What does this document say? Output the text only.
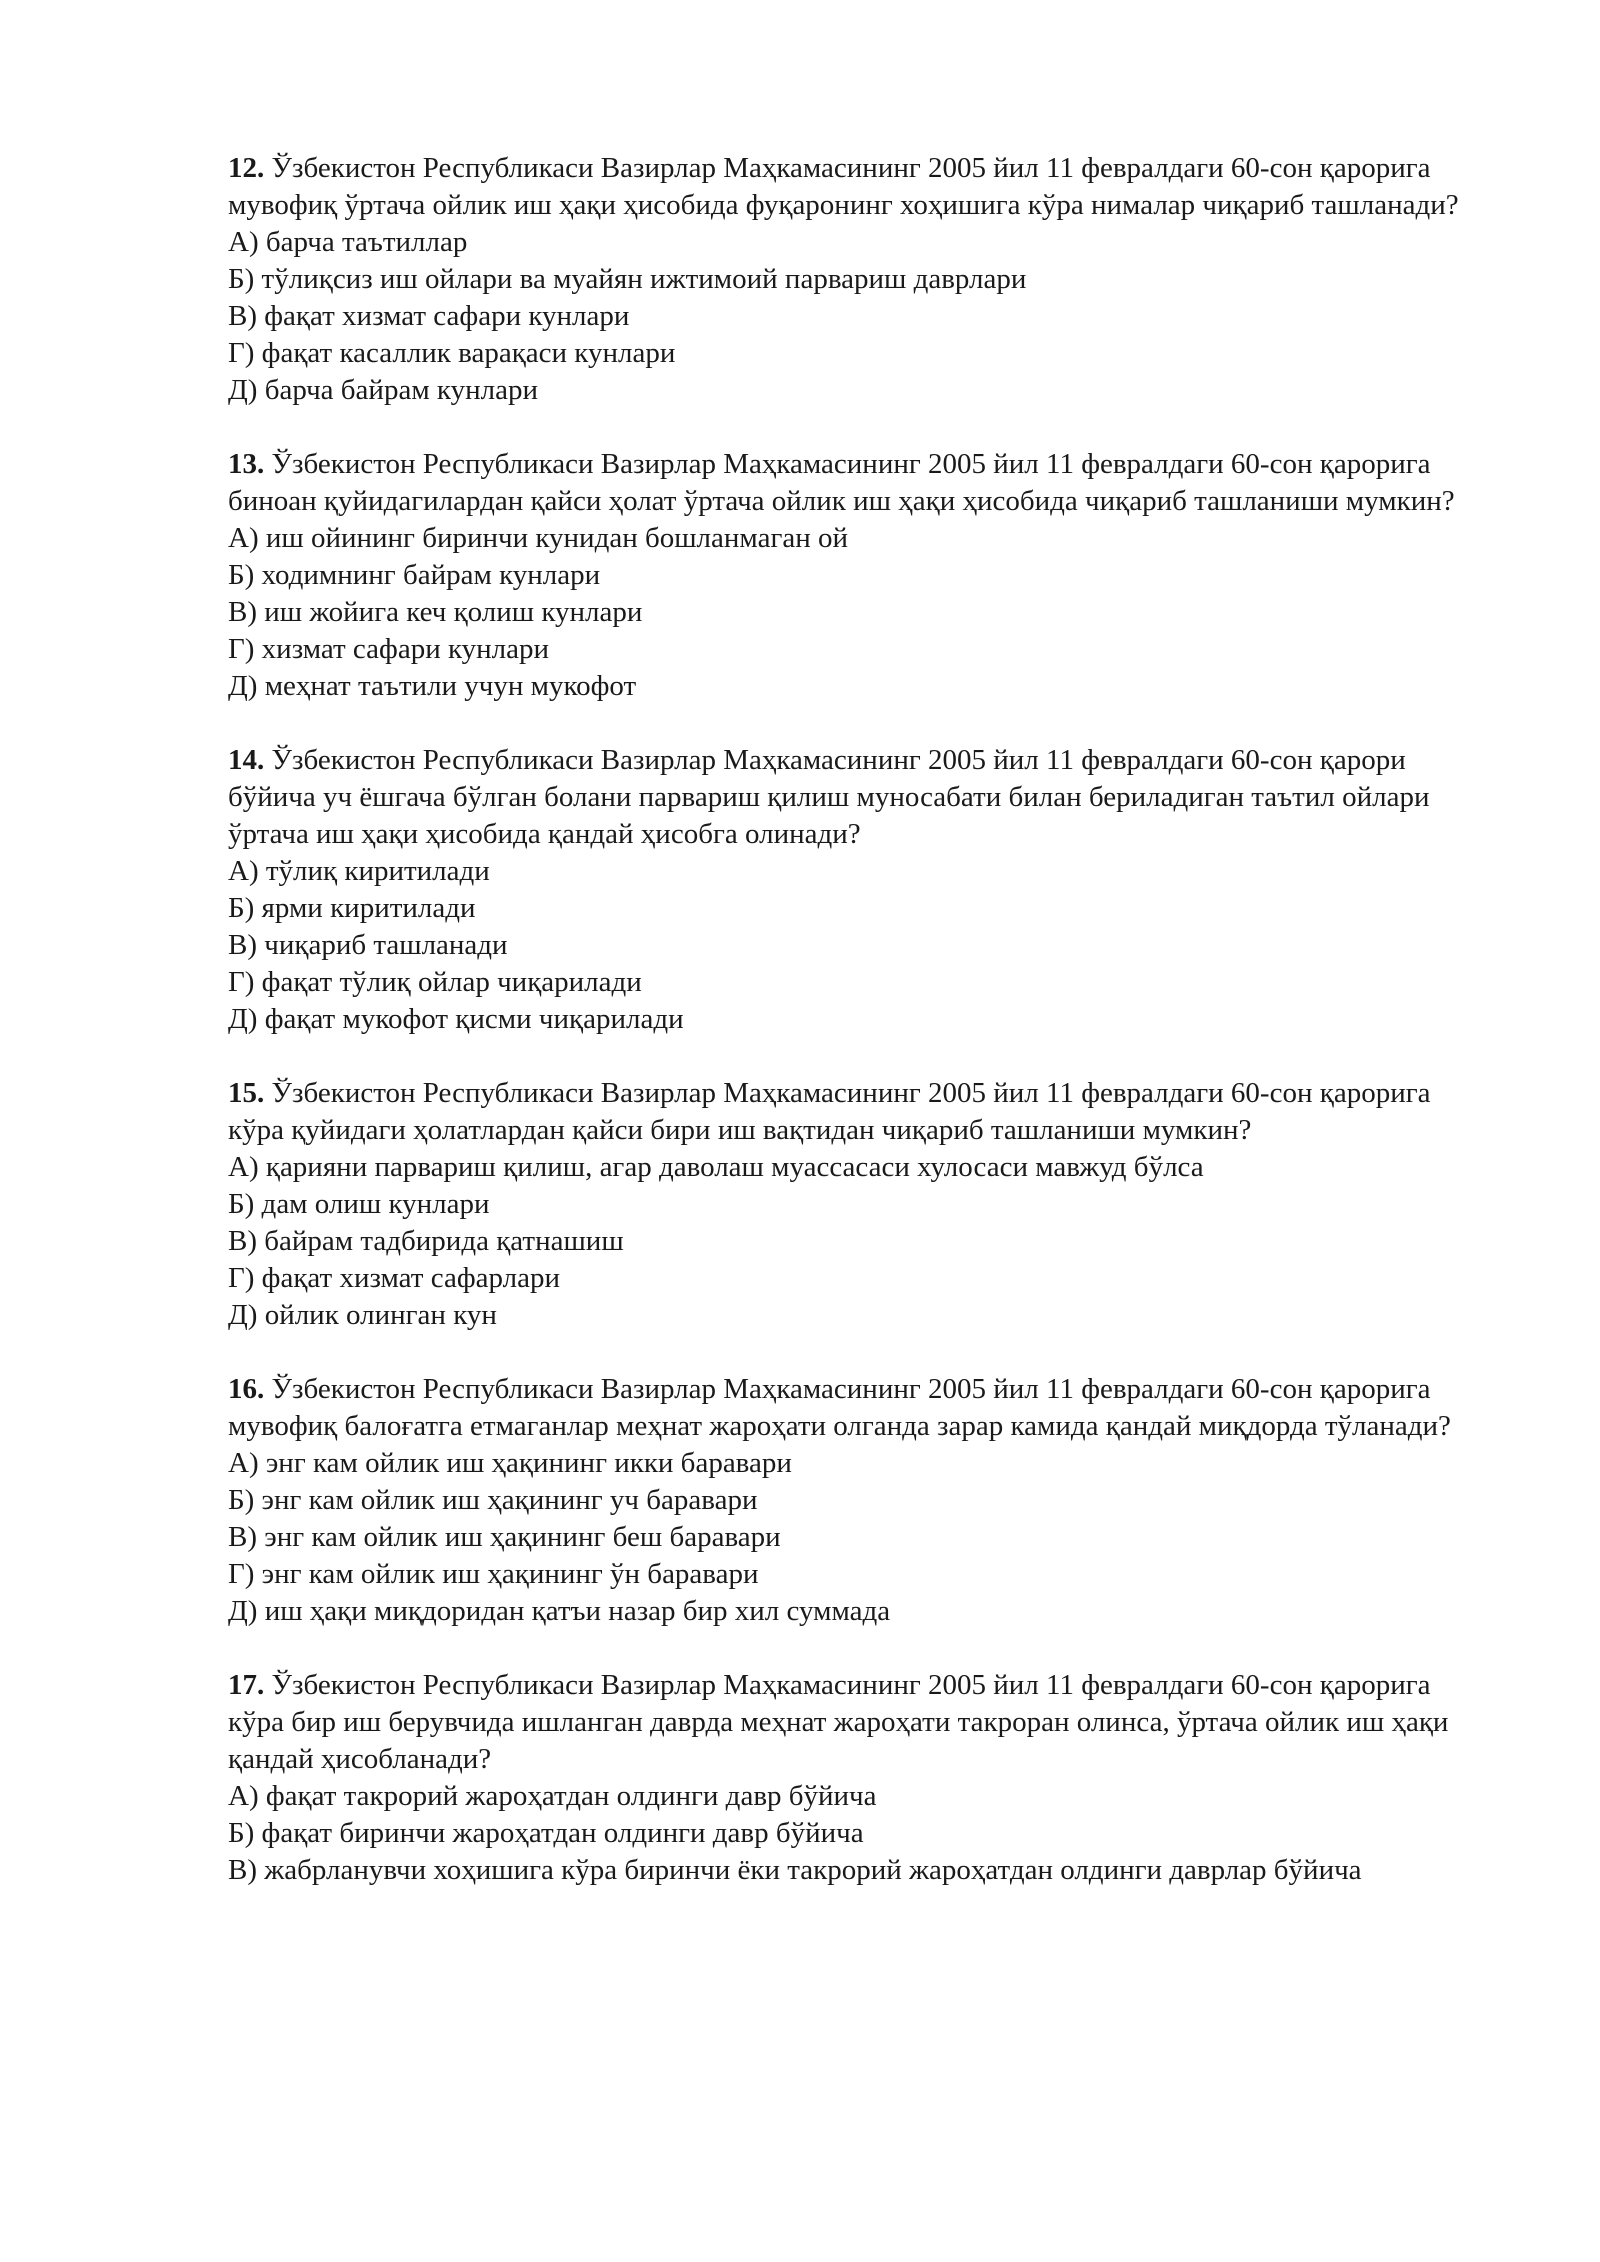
12. Ўзбекистон Республикаси Вазирлар Маҳкамасининг 2005 йил 11 февралдаги 60-сон қарорига мувофиқ ўртача ойлик иш ҳақи ҳисобида фуқаронинг хоҳишига кўра нималар чиқариб ташланади?

А) барча таътиллар

Б) тўлиқсиз иш ойлари ва муайян ижтимоий парвариш даврлари

В) фақат хизмат сафари кунлари

Г) фақат касаллик варақаси кунлари

Д) барча байрам кунлари

13. Ўзбекистон Республикаси Вазирлар Маҳкамасининг 2005 йил 11 февралдаги 60-сон қарорига биноан қуйидагилардан қайси ҳолат ўртача ойлик иш ҳақи ҳисобида чиқариб ташланиши мумкин?

А) иш ойининг биринчи кунидан бошланмаган ой

Б) ходимнинг байрам кунлари

В) иш жойига кеч қолиш кунлари

Г) хизмат сафари кунлари

Д) меҳнат таътили учун мукофот

14. Ўзбекистон Республикаси Вазирлар Маҳкамасининг 2005 йил 11 февралдаги 60-сон қарори бўйича уч ёшгача бўлган болани парвариш қилиш муносабати билан бериладиган таътил ойлари ўртача иш ҳақи ҳисобида қандай ҳисобга олинади?

А) тўлиқ киритилади

Б) ярми киритилади

В) чиқариб ташланади

Г) фақат тўлиқ ойлар чиқарилади

Д) фақат мукофот қисми чиқарилади

15. Ўзбекистон Республикаси Вазирлар Маҳкамасининг 2005 йил 11 февралдаги 60-сон қарорига кўра қуйидаги ҳолатлардан қайси бири иш вақтидан чиқариб ташланиши мумкин?

А) қарияни парвариш қилиш, агар даволаш муассасаси хулосаси мавжуд бўлса

Б) дам олиш кунлари

В) байрам тадбирида қатнашиш

Г) фақат хизмат сафарлари

Д) ойлик олинган кун

16. Ўзбекистон Республикаси Вазирлар Маҳкамасининг 2005 йил 11 февралдаги 60-сон қарорига мувофиқ балоғатга етмаганлар меҳнат жароҳати олганда зарар камида қандай миқдорда тўланади?

А) энг кам ойлик иш ҳақининг икки баравари

Б) энг кам ойлик иш ҳақининг уч баравари

В) энг кам ойлик иш ҳақининг беш баравари

Г) энг кам ойлик иш ҳақининг ўн баравари

Д) иш ҳақи миқдоридан қатъи назар бир хил суммада

17. Ўзбекистон Республикаси Вазирлар Маҳкамасининг 2005 йил 11 февралдаги 60-сон қарорига кўра бир иш берувчида ишланган даврда меҳнат жароҳати такроран олинса, ўртача ойлик иш ҳақи қандай ҳисобланади?

А) фақат такрорий жароҳатдан олдинги давр бўйича

Б) фақат биринчи жароҳатдан олдинги давр бўйича

В) жабрланувчи хоҳишига кўра биринчи ёки такрорий жароҳатдан олдинги даврлар бўйича
